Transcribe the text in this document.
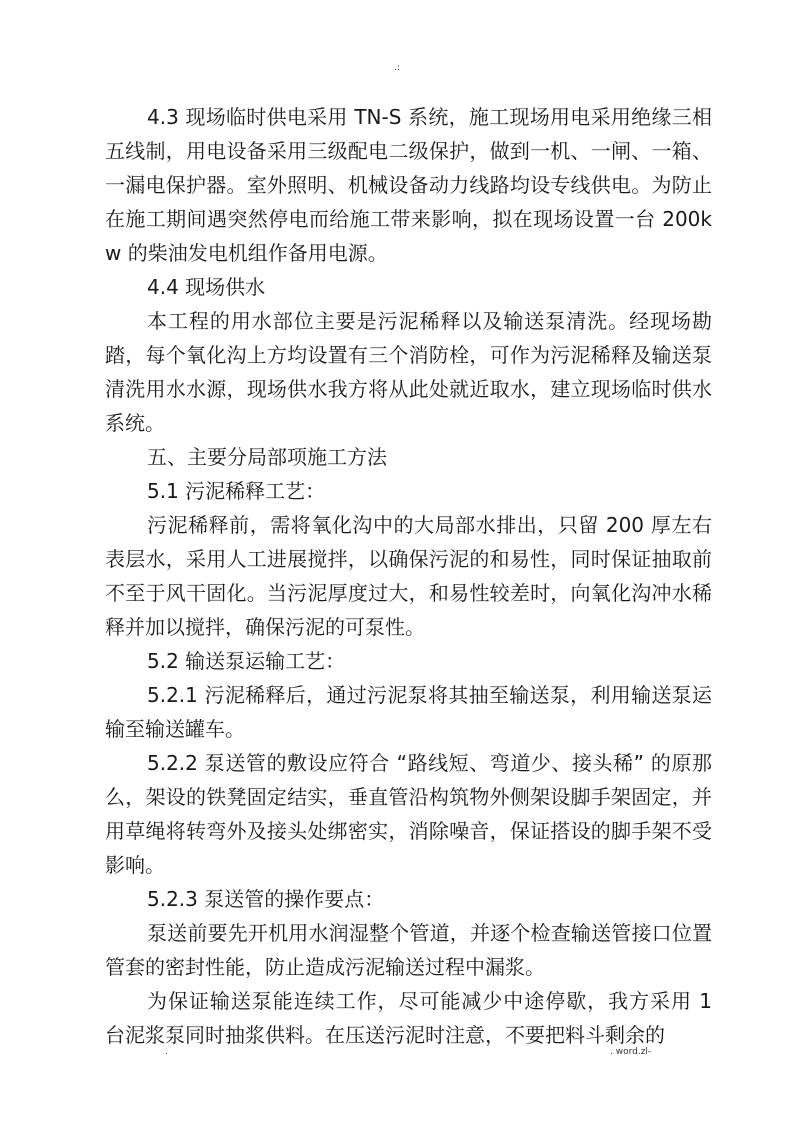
.:

4.3 现场临时供电采用 TN-S 系统，施工现场用电采用绝缘三相五线制，用电设备采用三级配电二级保护，做到一机、一闸、一箱、一漏电保护器。室外照明、机械设备动力线路均设专线供电。为防止在施工期间遇突然停电而给施工带来影响，拟在现场设置一台 200kw 的柴油发电机组作备用电源。

4.4 现场供水

本工程的用水部位主要是污泥稀释以及输送泵清洗。经现场勘踏，每个氧化沟上方均设置有三个消防栓，可作为污泥稀释及输送泵清洗用水水源，现场供水我方将从此处就近取水，建立现场临时供水系统。

五、主要分局部项施工方法

5.1 污泥稀释工艺：

污泥稀释前，需将氧化沟中的大局部水排出，只留 200 厚左右表层水，采用人工进展搅拌，以确保污泥的和易性，同时保证抽取前不至于风干固化。当污泥厚度过大，和易性较差时，向氧化沟冲水稀释并加以搅拌，确保污泥的可泵性。

5.2 输送泵运输工艺：

5.2.1 污泥稀释后，通过污泥泵将其抽至输送泵，利用输送泵运输至输送罐车。

5.2.2 泵送管的敷设应符合 “路线短、弯道少、接头稀” 的原那么，架设的铁凳固定结实，垂直管沿构筑物外侧架设脚手架固定，并用草绳将转弯外及接头处绑密实，消除噪音，保证搭设的脚手架不受影响。

5.2.3 泵送管的操作要点：

泵送前要先开机用水润湿整个管道，并逐个检查输送管接口位置管套的密封性能，防止造成污泥输送过程中漏浆。

为保证输送泵能连续工作，尽可能减少中途停歇，我方采用 1 台泥浆泵同时抽浆供料。在压送污泥时注意，不要把料斗剩余的

.	. word.zl-
